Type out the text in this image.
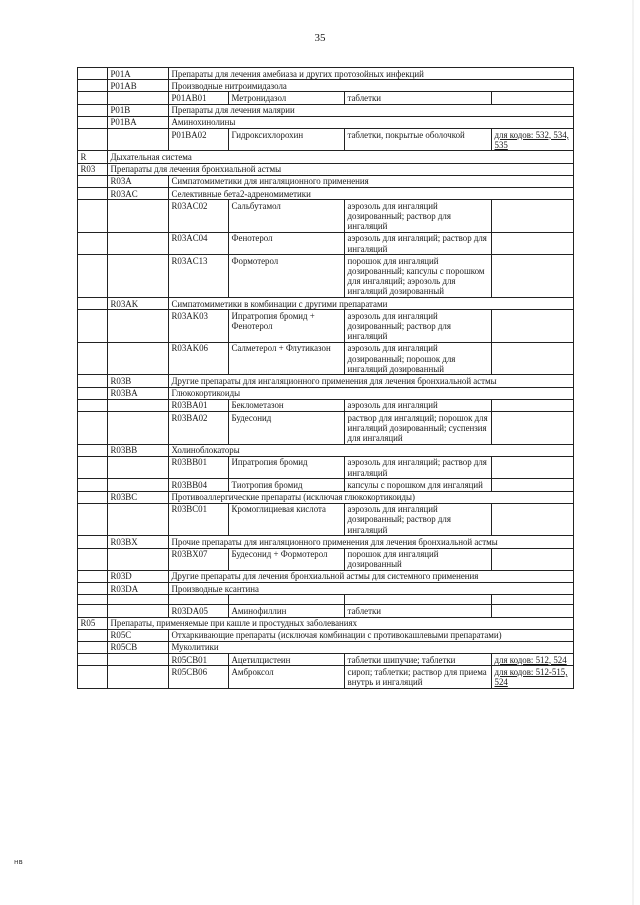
35
	P01A	Препараты для лечения амебиаза и других протозойных инфекций			
	P01AB	Производные нитроимидазола			
		P01AB01	Метронидазол	таблетки	
	P01B	Препараты для лечения малярии			
	P01BA	Аминохинолины			
		P01BA02	Гидроксихлорохин	таблетки, покрытые оболочкой	для кодов: 532, 534, 535
R	Дыхательная система				
R03	Препараты для лечения бронхиальной астмы				
	R03A	Симпатомиметики для ингаляционного применения			
	R03AC	Селективные бета2-адреномиметики			
		R03AC02	Сальбутамол	аэрозоль для ингаляций дозированный; раствор для ингаляций	
		R03AC04	Фенотерол	аэрозоль для ингаляций; раствор для ингаляций	
		R03AC13	Формотерол	порошок для ингаляций дозированный; капсулы с порошком для ингаляций; аэрозоль для ингаляций дозированный	
	R03AK	Симпатомиметики в комбинации с другими препаратами			
		R03AK03	Ипратропия бромид + Фенотерол	аэрозоль для ингаляций дозированный; раствор для ингаляций	
		R03AK06	Салметерол + Флутиказон	аэрозоль для ингаляций дозированный; порошок для ингаляций дозированный	
	R03B	Другие препараты для ингаляционного применения для лечения бронхиальной астмы			
	R03BA	Глюкокортикоиды			
		R03BA01	Беклометазон	аэрозоль для ингаляций	
		R03BA02	Будесонид	раствор для ингаляций; порошок для ингаляций дозированный; суспензия для ингаляций	
	R03BB	Холиноблокаторы			
		R03BB01	Ипратропия бромид	аэрозоль для ингаляций; раствор для ингаляций	
		R03BB04	Тиотропия бромид	капсулы с порошком для ингаляций	
	R03BC	Противоаллергические препараты (исключая глюкокортикоиды)			
		R03BC01	Кромоглициевая кислота	аэрозоль для ингаляций дозированный; раствор для ингаляций	
	R03BX	Прочие препараты для ингаляционного применения для лечения бронхиальной астмы			
		R03BX07	Будесонид + Формотерол	порошок для ингаляций дозированный	
	R03D	Другие препараты для лечения бронхиальной астмы для системного применения			
	R03DA	Производные ксантина			

		R03DA05	Аминофиллин	таблетки	
R05	Препараты, применяемые при кашле и простудных заболеваниях				
	R05C	Отхаркивающие препараты (исключая комбинации с противокашлевыми препаратами)			
	R05CB	Муколитики			
		R05CB01	Ацетилцистеин	таблетки шипучие; таблетки	для кодов: 512, 524
		R05CB06	Амброксол	сироп; таблетки; раствор для приема внутрь и ингаляций	для кодов: 512-515, 524
нв
